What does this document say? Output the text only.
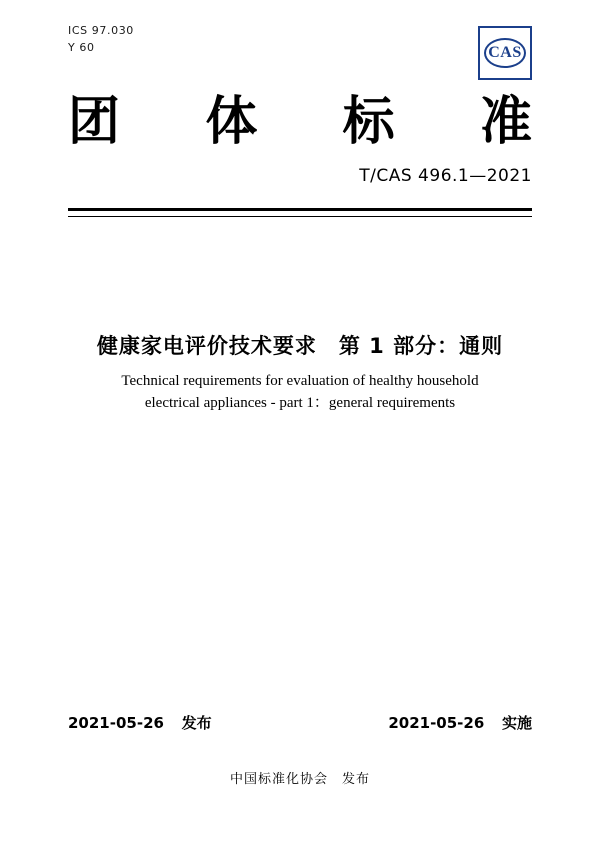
ICS 97.030
Y 60	CAS
团 体 标 准
T/CAS 496.1—2021
健康家电评价技术要求　第 1 部分：通则
Technical requirements for evaluation of healthy household
electrical appliances - part 1：general requirements
2021-05-26 发布	2021-05-26 实施
中国标准化协会　发布
